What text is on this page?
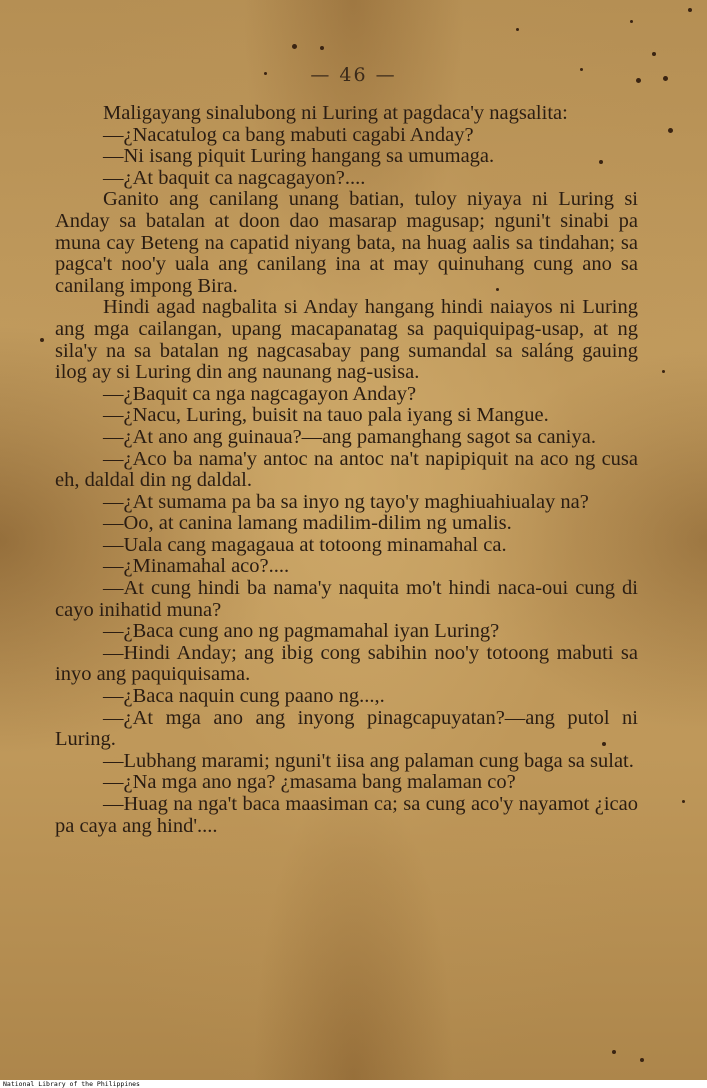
— 46 —

Maligayang sinalubong ni Luring at pagdaca'y nagsalita:

—¿Nacatulog ca bang mabuti cagabi Anday?

—Ni isang piquit Luring hangang sa umumaga.

—¿At baquit ca nagcagayon?....

Ganito ang canilang unang batian, tuloy niyaya ni Luring si Anday sa batalan at doon dao masarap magusap; nguni't sinabi pa muna cay Beteng na capatid niyang bata, na huag aalis sa tindahan; sa pagca't noo'y uala ang canilang ina at may quinuhang cung ano sa canilang impong Bira.

Hindi agad nagbalita si Anday hangang hindi naiayos ni Luring ang mga cailangan, upang macapanatag sa paquiquipag-usap, at ng sila'y na sa batalan ng nagcasabay pang sumandal sa saláng gauing ilog ay si Luring din ang naunang nag-usisa.

—¿Baquit ca nga nagcagayon Anday?

—¿Nacu, Luring, buisit na tauo pala iyang si Mangue.

—¿At ano ang guinaua?—ang pamanghang sagot sa caniya.

—¿Aco ba nama'y antoc na antoc na't napipiquit na aco ng cusa eh, daldal din ng daldal.

—¿At sumama pa ba sa inyo ng tayo'y maghiuahiualay na?

—Oo, at canina lamang madilim-dilim ng umalis.

—Uala cang magagaua at totoong minamahal ca.

—¿Minamahal aco?....

—At cung hindi ba nama'y naquita mo't hindi naca-oui cung di cayo inihatid muna?

—¿Baca cung ano ng pagmamahal iyan Luring?

—Hindi Anday; ang ibig cong sabihin noo'y totoong mabuti sa inyo ang paquiquisama.

—¿Baca naquin cung paano ng...,.

—¿At mga ano ang inyong pinagcapuyatan?—ang putol ni Luring.

—Lubhang marami; nguni't iisa ang palaman cung baga sa sulat.

—¿Na mga ano nga? ¿masama bang malaman co?

—Huag na nga't baca maasiman ca; sa cung aco'y nayamot ¿icao pa caya ang hind'....

National Library of the Philippines
